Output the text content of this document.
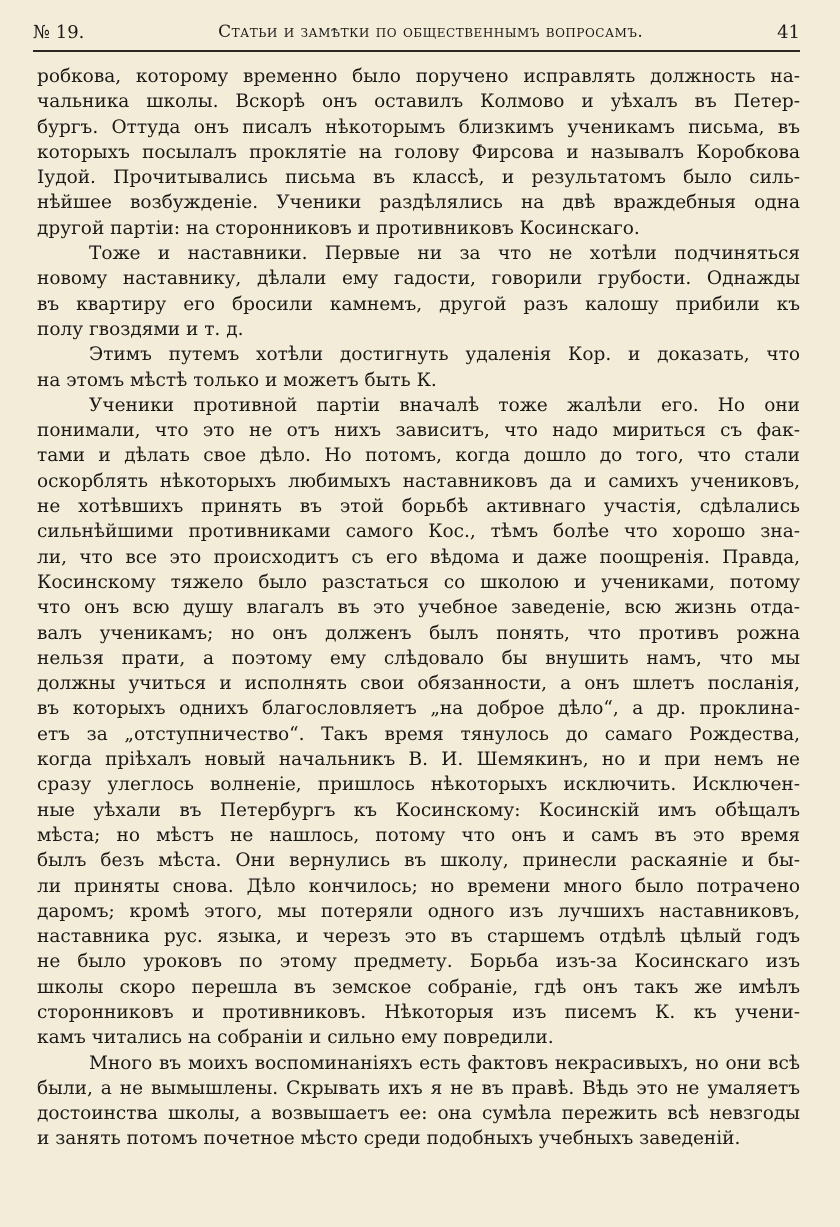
№ 19.	Статьи и замѣтки по общественнымъ вопросамъ.	41

робкова, которому временно было поручено исправлять должность на-

чальника школы. Вскорѣ онъ оставилъ Колмово и уѣхалъ въ Петер-

бургъ. Оттуда онъ писалъ нѣкоторымъ близкимъ ученикамъ письма, въ

которыхъ посылалъ проклятіе на голову Фирсова и называлъ Коробкова

Іудой. Прочитывались письма въ классѣ, и результатомъ было силь-

нѣйшее возбужденіе. Ученики раздѣлялись на двѣ враждебныя одна

другой партіи: на сторонниковъ и противниковъ Косинскаго.

Тоже и наставники. Первые ни за что не хотѣли подчиняться

новому наставнику, дѣлали ему гадости, говорили грубости. Однажды

въ квартиру его бросили камнемъ, другой разъ калошу прибили къ

полу гвоздями и т. д.

Этимъ путемъ хотѣли достигнуть удаленія Кор. и доказать, что

на этомъ мѣстѣ только и можетъ быть К.

Ученики противной партіи вначалѣ тоже жалѣли его. Но они

понимали, что это не отъ нихъ зависитъ, что надо мириться съ фак-

тами и дѣлать свое дѣло. Но потомъ, когда дошло до того, что стали

оскорблять нѣкоторыхъ любимыхъ наставниковъ да и самихъ учениковъ,

не хотѣвшихъ принять въ этой борьбѣ активнаго участія, сдѣлались

сильнѣйшими противниками самого Кос., тѣмъ болѣе что хорошо зна-

ли, что все это происходитъ съ его вѣдома и даже поощренія. Правда,

Косинскому тяжело было разстаться со школою и учениками, потому

что онъ всю душу влагалъ въ это учебное заведеніе, всю жизнь отда-

валъ ученикамъ; но онъ долженъ былъ понять, что противъ рожна

нельзя прати, а поэтому ему слѣдовало бы внушить намъ, что мы

должны учиться и исполнять свои обязанности, а онъ шлетъ посланія,

въ которыхъ однихъ благословляетъ „на доброе дѣло“, а др. проклина-

етъ за „отступничество“. Такъ время тянулось до самаго Рождества,

когда пріѣхалъ новый начальникъ В. И. Шемякинъ, но и при немъ не

сразу улеглось волненіе, пришлось нѣкоторыхъ исключить. Исключен-

ные уѣхали въ Петербургъ къ Косинскому: Косинскій имъ обѣщалъ

мѣста; но мѣстъ не нашлось, потому что онъ и самъ въ это время

былъ безъ мѣста. Они вернулись въ школу, принесли раскаяніе и бы-

ли приняты снова. Дѣло кончилось; но времени много было потрачено

даромъ; кромѣ этого, мы потеряли одного изъ лучшихъ наставниковъ,

наставника рус. языка, и черезъ это въ старшемъ отдѣлѣ цѣлый годъ

не было уроковъ по этому предмету. Борьба изъ-за Косинскаго изъ

школы скоро перешла въ земское собраніе, гдѣ онъ такъ же имѣлъ

сторонниковъ и противниковъ. Нѣкоторыя изъ писемъ К. къ учени-

камъ читались на собраніи и сильно ему повредили.

Много въ моихъ воспоминаніяхъ есть фактовъ некрасивыхъ, но они всѣ

были, а не вымышлены. Скрывать ихъ я не въ правѣ. Вѣдь это не умаляетъ

достоинства школы, а возвышаетъ ее: она сумѣла пережить всѣ невзгоды

и занять потомъ почетное мѣсто среди подобныхъ учебныхъ заведеній.
